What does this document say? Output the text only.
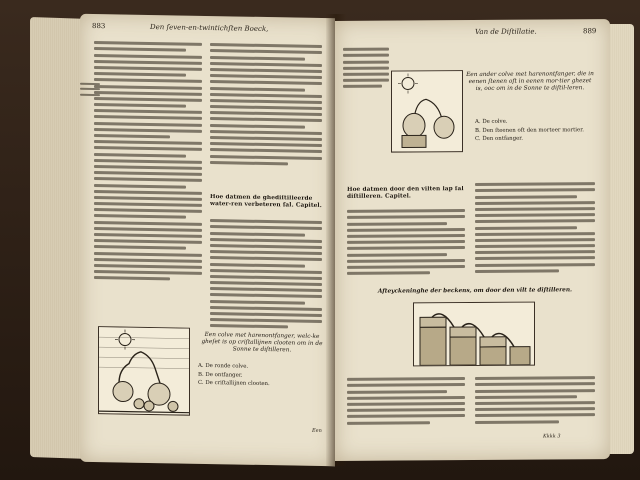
883	Den ſeven-en-twintichſten Boeck,
Hoe datmen de ghediſtilleerde water-ren verbeteren ſal. Capitel.
Een colve met harenontfanger, welc-ke gheſet is op criſtallijnen clooten om in de Sonne te diſtilleren.
A. De ronde colve.
B. De ontfanger.
C. De criſtallijnen clooten.
Een
Van de Diſtillatie.	889
Een ander colve met harenontfanger, die in eenen ſtenen oft in eenen mor-tier ghezet is, ooc om in de Sonne te diſtil-leren.
A. De colve.
B. Den ſteenen oft den morteer mortier.
C. Den ontfanger.
Hoe datmen door den vilten lap ſal diſtilleren. Capitel.
Afteyckeninghe der beckens, om door den vilt te diſtilleren.
Kkkk 3
